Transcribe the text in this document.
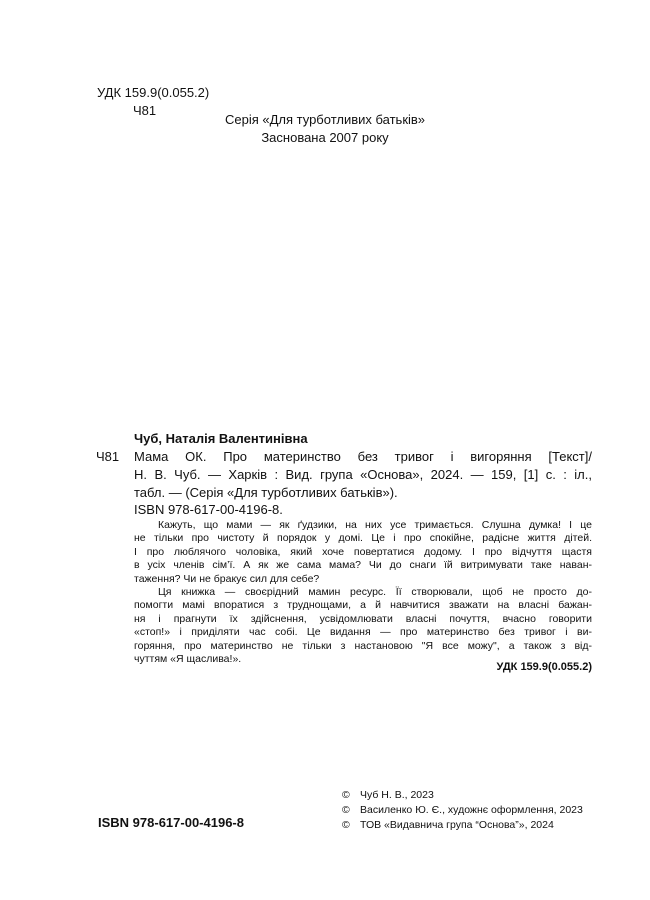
УДК 159.9(0.055.2)
Ч81
Серія «Для турботливих батьків»
Заснована 2007 року
Чуб, Наталія Валентинівна
Ч81 Мама ОК. Про материнство без тривог і вигоряння [Текст]/
Н. В. Чуб. — Харків : Вид. група «Основа», 2024. — 159, [1] с. : іл.,
табл. — (Серія «Для турботливих батьків»).
ISBN 978-617-00-4196-8.
Кажуть, що мами — як ґудзики, на них усе тримається. Слушна думка! І це
не тільки про чистоту й порядок у домі. Це і про спокійне, радісне життя дітей.
І про люблячого чоловіка, який хоче повертатися додому. І про відчуття щастя
в усіх членів сім’ї. А як же сама мама? Чи до снаги їй витримувати таке наван-
таження? Чи не бракує сил для себе?
Ця книжка — своєрідний мамин ресурс. Її створювали, щоб не просто до-
помогти мамі впоратися з труднощами, а й навчитися зважати на власні бажан-
ня і прагнути їх здійснення, усвідомлювати власні почуття, вчасно говорити
«стоп!» і приділяти час собі. Це видання — про материнство без тривог і ви-
горяння, про материнство не тільки з настановою "Я все можу", а також з від-
чуттям «Я щаслива!».
УДК 159.9(0.055.2)
© Чуб Н. В., 2023
© Василенко Ю. Є., художнє оформлення, 2023
© ТОВ «Видавнича група “Основа”», 2024
ISBN 978-617-00-4196-8
